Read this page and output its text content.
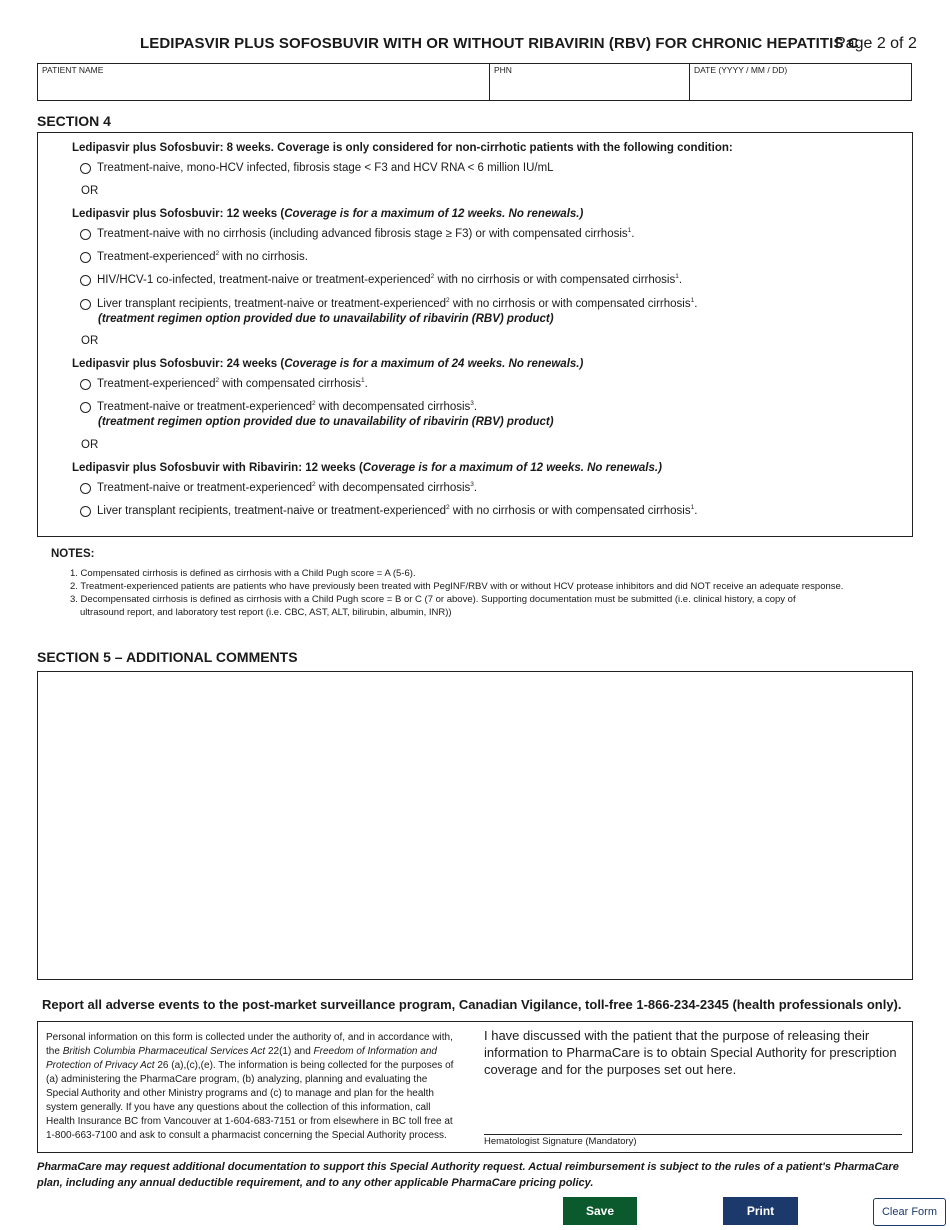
LEDIPASVIR PLUS SOFOSBUVIR WITH OR WITHOUT RIBAVIRIN (RBV) FOR CHRONIC HEPATITIS C
Page 2 of 2
PATIENT NAME	PHN	DATE (YYYY / MM / DD)
SECTION 4
Ledipasvir plus Sofosbuvir: 8 weeks. Coverage is only considered for non-cirrhotic patients with the following condition:
Treatment-naive, mono-HCV infected, fibrosis stage < F3 and HCV RNA < 6 million IU/mL
OR
Ledipasvir plus Sofosbuvir: 12 weeks (Coverage is for a maximum of 12 weeks. No renewals.)
Treatment-naive with no cirrhosis (including advanced fibrosis stage ≥ F3) or with compensated cirrhosis$^1$.
Treatment-experienced$^2$ with no cirrhosis.
HIV/HCV-1 co-infected, treatment-naive or treatment-experienced$^2$ with no cirrhosis or with compensated cirrhosis$^1$.
Liver transplant recipients, treatment-naive or treatment-experienced$^2$ with no cirrhosis or with compensated cirrhosis$^1$.
(treatment regimen option provided due to unavailability of ribavirin (RBV) product)
OR
Ledipasvir plus Sofosbuvir: 24 weeks (Coverage is for a maximum of 24 weeks. No renewals.)
Treatment-experienced$^2$ with compensated cirrhosis$^1$.
Treatment-naive or treatment-experienced$^2$ with decompensated cirrhosis$^3$.
(treatment regimen option provided due to unavailability of ribavirin (RBV) product)
OR
Ledipasvir plus Sofosbuvir with Ribavirin: 12 weeks (Coverage is for a maximum of 12 weeks. No renewals.)
Treatment-naive or treatment-experienced$^2$ with decompensated cirrhosis$^3$.
Liver transplant recipients, treatment-naive or treatment-experienced$^2$ with no cirrhosis or with compensated cirrhosis$^1$.
NOTES:
1. Compensated cirrhosis is defined as cirrhosis with a Child Pugh score = A (5-6).
2. Treatment-experienced patients are patients who have previously been treated with PegINF/RBV with or without HCV protease inhibitors and did NOT receive an adequate response.
3. Decompensated cirrhosis is defined as cirrhosis with a Child Pugh score = B or C (7 or above). Supporting documentation must be submitted (i.e. clinical history, a copy of
ultrasound report, and laboratory test report (i.e. CBC, AST, ALT, bilirubin, albumin, INR))
SECTION 5 – ADDITIONAL COMMENTS
Report all adverse events to the post-market surveillance program, Canadian Vigilance, toll-free 1-866-234-2345 (health professionals only).
Personal information on this form is collected under the authority of, and in accordance with, the British Columbia Pharmaceutical Services Act 22(1) and Freedom of Information and Protection of Privacy Act 26 (a),(c),(e). The information is being collected for the purposes of (a) administering the PharmaCare program, (b) analyzing, planning and evaluating the Special Authority and other Ministry programs and (c) to manage and plan for the health system generally. If you have any questions about the collection of this information, call Health Insurance BC from Vancouver at 1-604-683-7151 or from elsewhere in BC toll free at 1-800-663-7100 and ask to consult a pharmacist concerning the Special Authority process.
I have discussed with the patient that the purpose of releasing their information to PharmaCare is to obtain Special Authority for prescription coverage and for the purposes set out here.
Hematologist Signature (Mandatory)
PharmaCare may request additional documentation to support this Special Authority request. Actual reimbursement is subject to the rules of a patient's PharmaCare plan, including any annual deductible requirement, and to any other applicable PharmaCare pricing policy.
Save	Print	Clear Form
